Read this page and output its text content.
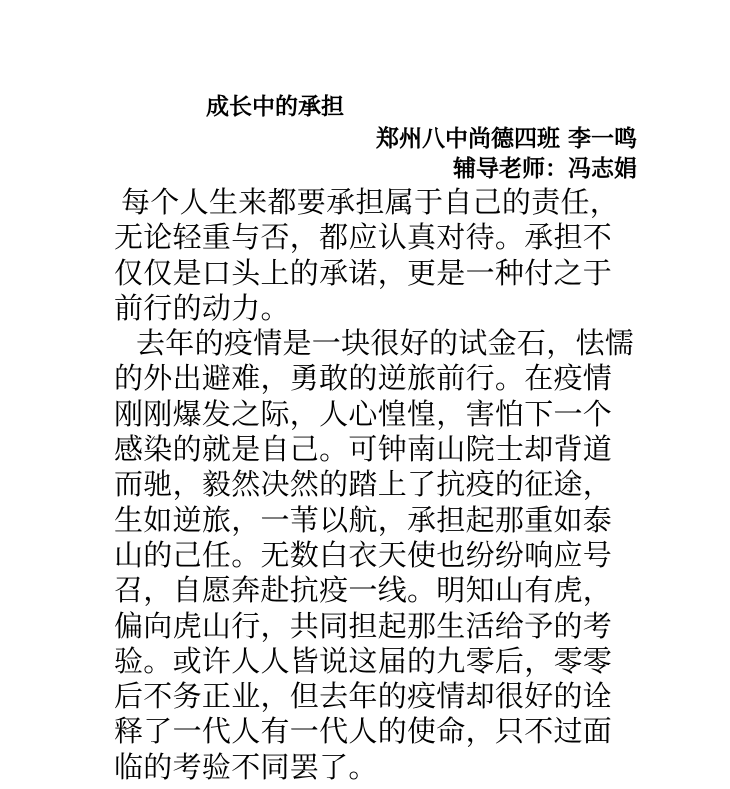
成长中的承担
郑州八中尚德四班 李一鸣
辅导老师：冯志娟

每个人生来都要承担属于自己的责任，无论轻重与否，都应认真对待。承担不仅仅是口头上的承诺，更是一种付之于前行的动力。

去年的疫情是一块很好的试金石，怯懦的外出避难，勇敢的逆旅前行。在疫情刚刚爆发之际，人心惶惶，害怕下一个感染的就是自己。可钟南山院士却背道而驰，毅然决然的踏上了抗疫的征途，生如逆旅，一苇以航，承担起那重如泰山的己任。无数白衣天使也纷纷响应号召，自愿奔赴抗疫一线。明知山有虎，偏向虎山行，共同担起那生活给予的考验。或许人人皆说这届的九零后，零零后不务正业，但去年的疫情却很好的诠释了一代人有一代人的使命，只不过面临的考验不同罢了。
